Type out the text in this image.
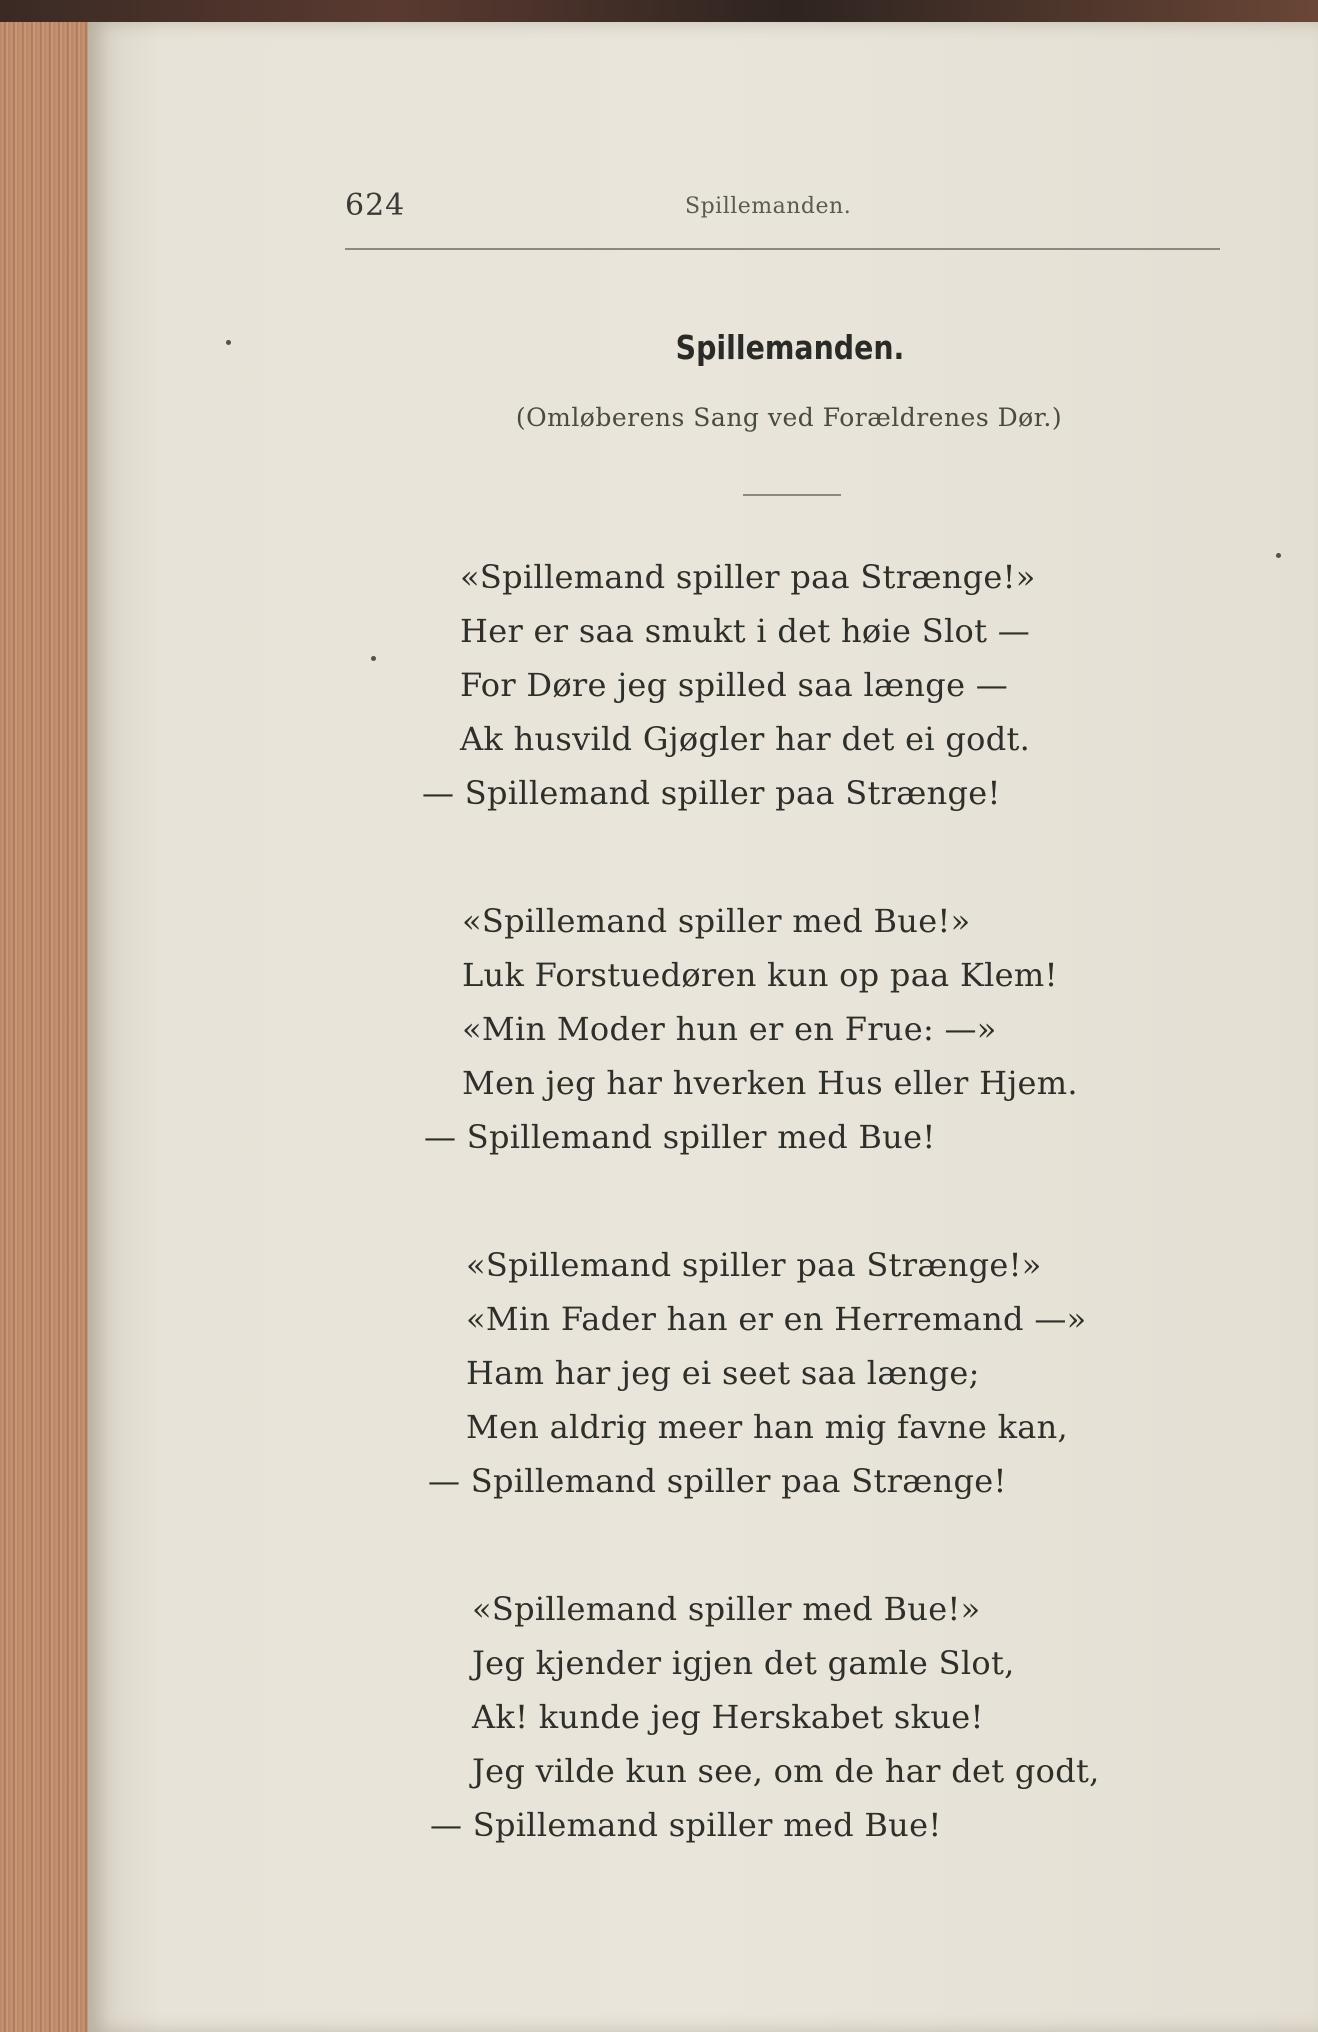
624	Spillemanden.
Spillemanden.
(Omløberens Sang ved Forældrenes Dør.)
«Spillemand spiller paa Strænge!»
Her er saa smukt i det høie Slot —
For Døre jeg spilled saa længe —
Ak husvild Gjøgler har det ei godt.
— Spillemand spiller paa Strænge!
«Spillemand spiller med Bue!»
Luk Forstuedøren kun op paa Klem!
«Min Moder hun er en Frue: —»
Men jeg har hverken Hus eller Hjem.
— Spillemand spiller med Bue!
«Spillemand spiller paa Strænge!»
«Min Fader han er en Herremand —»
Ham har jeg ei seet saa længe;
Men aldrig meer han mig favne kan,
— Spillemand spiller paa Strænge!
«Spillemand spiller med Bue!»
Jeg kjender igjen det gamle Slot,
Ak! kunde jeg Herskabet skue!
Jeg vilde kun see, om de har det godt,
— Spillemand spiller med Bue!
